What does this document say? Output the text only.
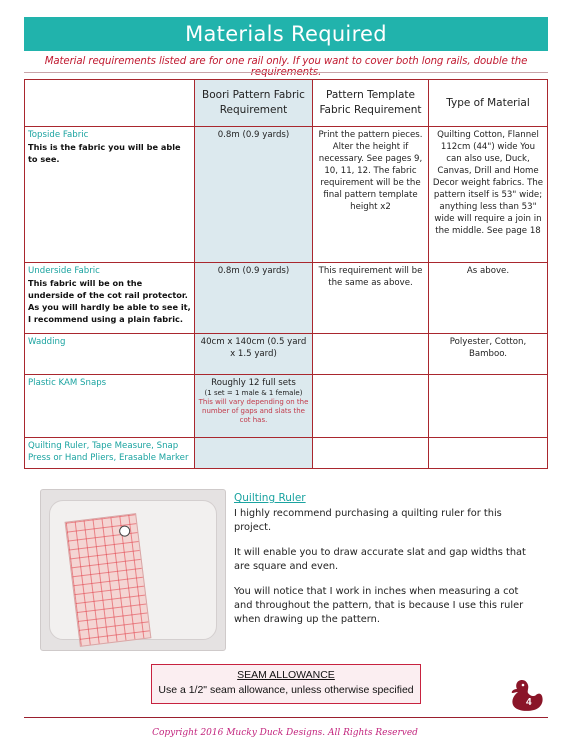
Materials Required
Material requirements listed are for one rail only. If you want to cover both long rails, double the requirements.
	Boori Pattern Fabric Requirement	Pattern Template Fabric Requirement	Type of Material

Topside Fabric
This is the fabric you will be able to see.	0.8m (0.9 yards)	Print the pattern pieces. Alter the height if necessary. See pages 9, 10, 11, 12. The fabric requirement will be the final pattern template height x2	Quilting Cotton, Flannel 112cm (44") wide You can also use, Duck, Canvas, Drill and Home Decor weight fabrics. The pattern itself is 53" wide; anything less than 53" wide will require a join in the middle. See page 18

Underside Fabric
This fabric will be on the underside of the cot rail protector. As you will hardly be able to see it, I recommend using a plain fabric.	0.8m (0.9 yards)	This requirement will be the same as above.	As above.

Wadding	40cm x 140cm (0.5 yard x 1.5 yard)		Polyester, Cotton, Bamboo.

Plastic KAM Snaps	Roughly 12 full sets
(1 set = 1 male & 1 female)
This will vary depending on the number of gaps and slats the cot has.		

Quilting Ruler, Tape Measure, Snap Press or Hand Pliers, Erasable Marker			

Quilting Ruler

I highly recommend purchasing a quilting ruler for this project.

It will enable you to draw accurate slat and gap widths that are square and even.

You will notice that I work in inches when measuring a cot and throughout the pattern, that is because I use this ruler when drawing up the pattern.

SEAM ALLOWANCE
Use a 1/2" seam allowance, unless otherwise specified
4
Copyright 2016 Mucky Duck Designs. All Rights Reserved
